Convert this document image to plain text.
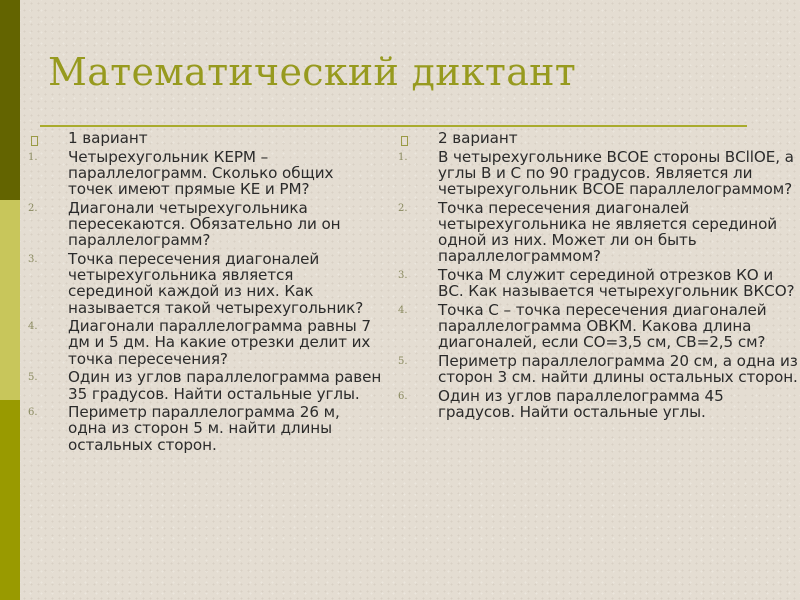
Математический диктант
1 вариант
1. Четырехугольник КЕРМ – параллелограмм. Сколько общих точек имеют прямые КЕ и РМ?
2. Диагонали четырехугольника пересекаются. Обязательно ли он параллелограмм?
3. Точка пересечения диагоналей четырехугольника является серединой каждой из них. Как называется такой четырехугольник?
4. Диагонали параллелограмма равны 7 дм и 5 дм. На какие отрезки делит их точка пересечения?
5. Один из углов параллелограмма равен 35 градусов. Найти остальные углы.
6. Периметр параллелограмма 26 м, одна из сторон 5 м. найти длины остальных сторон.
2 вариант
1. В четырехугольнике ВСОЕ стороны ВСllОЕ, а углы В и С по 90 градусов. Является ли четырехугольник ВСОЕ параллелограммом?
2. Точка пересечения диагоналей четырехугольника не является серединой одной из них. Может ли он быть параллелограммом?
3. Точка М служит серединой отрезков КО и ВС. Как называется четырехугольник ВКСО?
4. Точка С – точка пересечения диагоналей параллелограмма ОВКМ. Какова длина диагоналей, если СО=3,5 см, СВ=2,5 см?
5. Периметр параллелограмма 20 см, а одна из сторон 3 см. найти длины остальных сторон.
6. Один из углов параллелограмма 45 градусов. Найти остальные углы.
